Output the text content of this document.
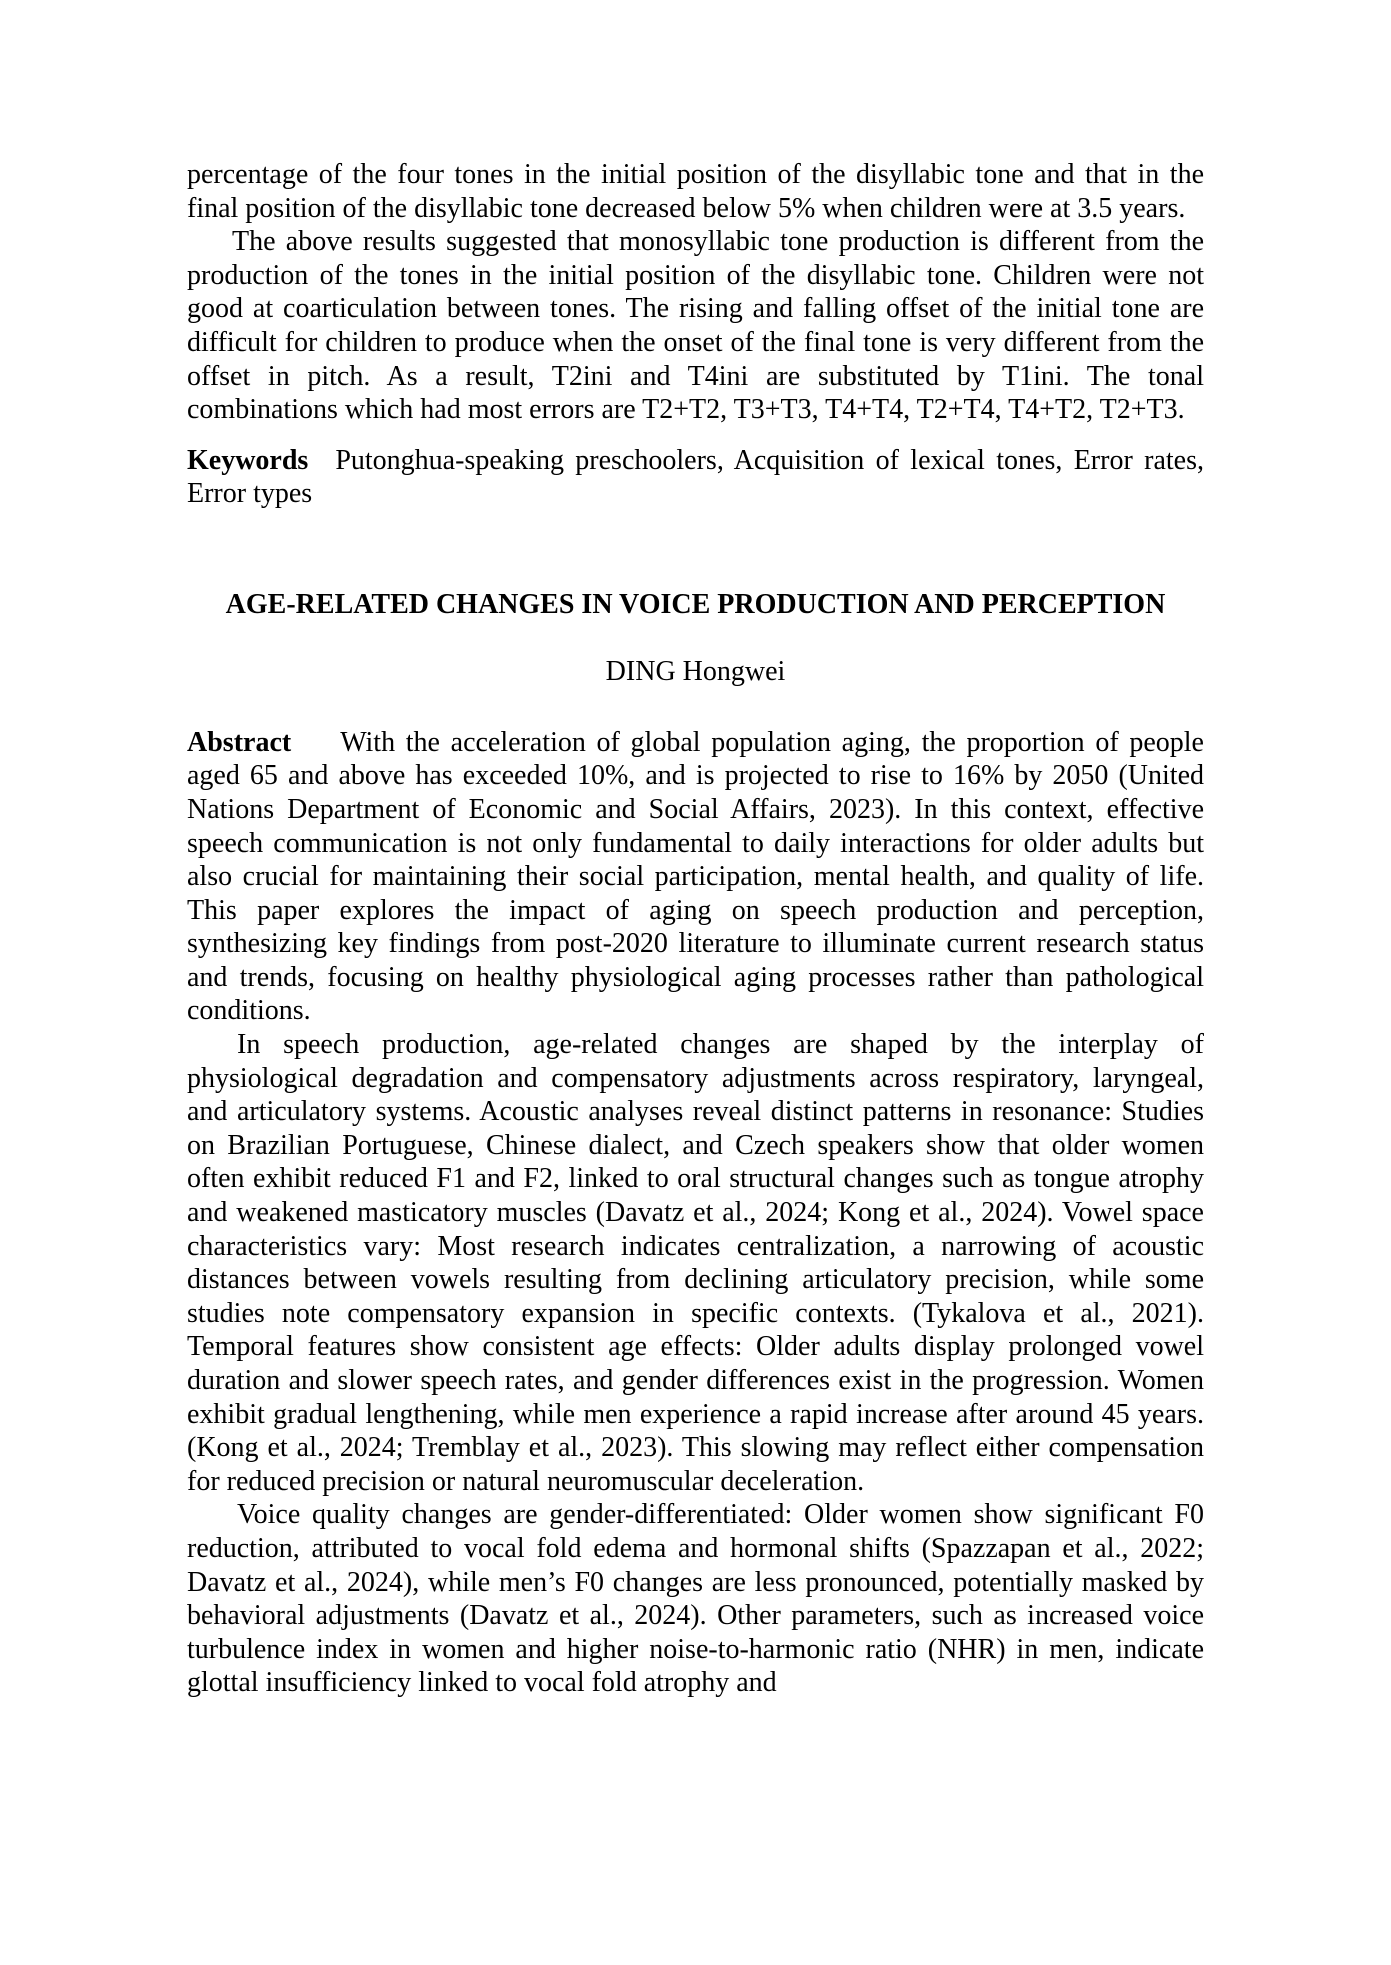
percentage of the four tones in the initial position of the disyllabic tone and that in the final position of the disyllabic tone decreased below 5% when children were at 3.5 years.

The above results suggested that monosyllabic tone production is different from the production of the tones in the initial position of the disyllabic tone. Children were not good at coarticulation between tones. The rising and falling offset of the initial tone are difficult for children to produce when the onset of the final tone is very different from the offset in pitch. As a result, T2ini and T4ini are substituted by T1ini. The tonal combinations which had most errors are T2+T2, T3+T3, T4+T4, T2+T4, T4+T2, T2+T3.

Keywords Putonghua-speaking preschoolers, Acquisition of lexical tones, Error rates, Error types

AGE-RELATED CHANGES IN VOICE PRODUCTION AND PERCEPTION
DING Hongwei

Abstract With the acceleration of global population aging, the proportion of people aged 65 and above has exceeded 10%, and is projected to rise to 16% by 2050 (United Nations Department of Economic and Social Affairs, 2023). In this context, effective speech communication is not only fundamental to daily interactions for older adults but also crucial for maintaining their social participation, mental health, and quality of life. This paper explores the impact of aging on speech production and perception, synthesizing key findings from post-2020 literature to illuminate current research status and trends, focusing on healthy physiological aging processes rather than pathological conditions.

In speech production, age-related changes are shaped by the interplay of physiological degradation and compensatory adjustments across respiratory, laryngeal, and articulatory systems. Acoustic analyses reveal distinct patterns in resonance: Studies on Brazilian Portuguese, Chinese dialect, and Czech speakers show that older women often exhibit reduced F1 and F2, linked to oral structural changes such as tongue atrophy and weakened masticatory muscles (Davatz et al., 2024; Kong et al., 2024). Vowel space characteristics vary: Most research indicates centralization, a narrowing of acoustic distances between vowels resulting from declining articulatory precision, while some studies note compensatory expansion in specific contexts. (Tykalova et al., 2021). Temporal features show consistent age effects: Older adults display prolonged vowel duration and slower speech rates, and gender differences exist in the progression. Women exhibit gradual lengthening, while men experience a rapid increase after around 45 years. (Kong et al., 2024; Tremblay et al., 2023). This slowing may reflect either compensation for reduced precision or natural neuromuscular deceleration.

Voice quality changes are gender-differentiated: Older women show significant F0 reduction, attributed to vocal fold edema and hormonal shifts (Spazzapan et al., 2022; Davatz et al., 2024), while men’s F0 changes are less pronounced, potentially masked by behavioral adjustments (Davatz et al., 2024). Other parameters, such as increased voice turbulence index in women and higher noise-to-harmonic ratio (NHR) in men, indicate glottal insufficiency linked to vocal fold atrophy and
